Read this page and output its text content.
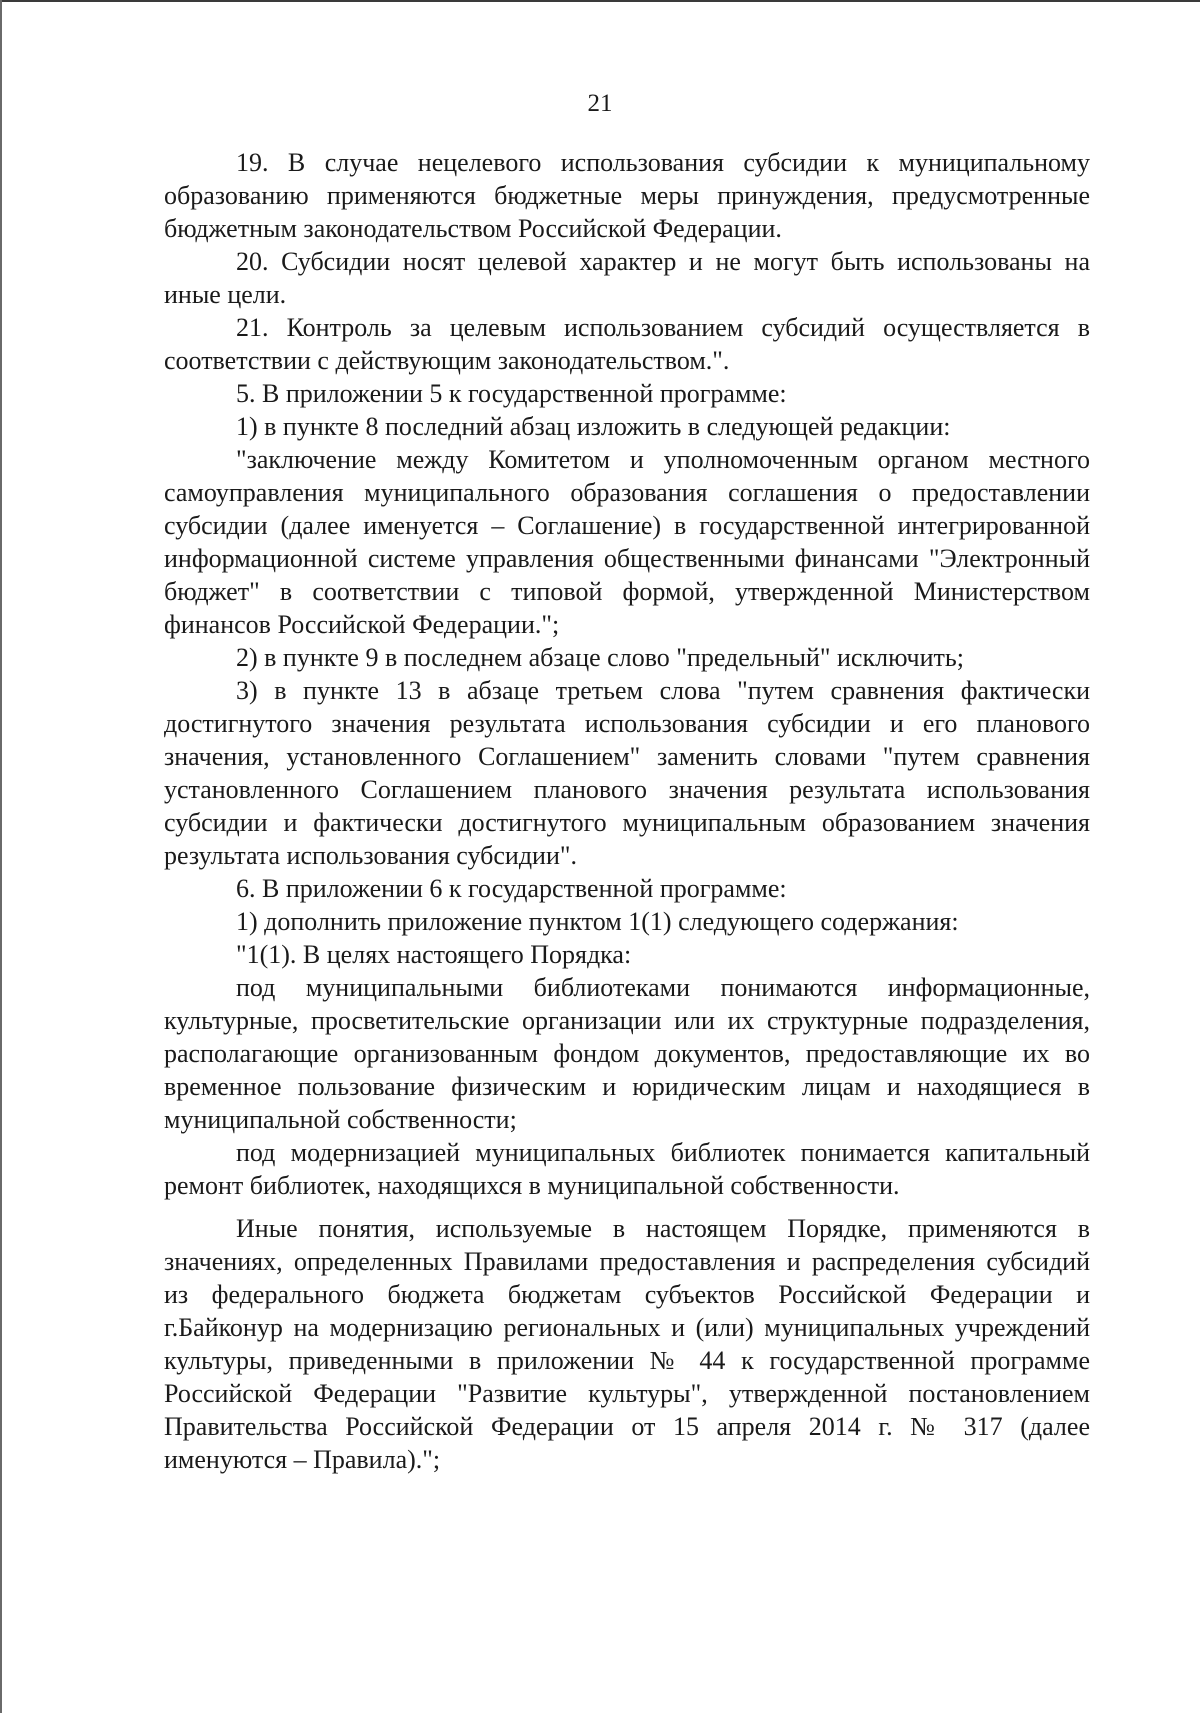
21

19. В случае нецелевого использования субсидии к муниципальному образованию применяются бюджетные меры принуждения, предусмотренные бюджетным законодательством Российской Федерации.

20. Субсидии носят целевой характер и не могут быть использованы на иные цели.

21. Контроль за целевым использованием субсидий осуществляется в соответствии с действующим законодательством.".

5. В приложении 5 к государственной программе:

1) в пункте 8 последний абзац изложить в следующей редакции:

"заключение между Комитетом и уполномоченным органом местного самоуправления муниципального образования соглашения о предоставлении субсидии (далее именуется – Соглашение) в государственной интегрированной информационной системе управления общественными финансами "Электронный бюджет" в соответствии с типовой формой, утвержденной Министерством финансов Российской Федерации.";

2) в пункте 9 в последнем абзаце слово "предельный" исключить;

3) в пункте 13 в абзаце третьем слова "путем сравнения фактически достигнутого значения результата использования субсидии и его планового значения, установленного Соглашением" заменить словами "путем сравнения установленного Соглашением планового значения результата использования субсидии и фактически достигнутого муниципальным образованием значения результата использования субсидии".

6. В приложении 6 к государственной программе:

1) дополнить приложение пунктом 1(1) следующего содержания:

"1(1). В целях настоящего Порядка:

под муниципальными библиотеками понимаются информационные, культурные, просветительские организации или их структурные подразделения, располагающие организованным фондом документов, предоставляющие их во временное пользование физическим и юридическим лицам и находящиеся в муниципальной собственности;

под модернизацией муниципальных библиотек понимается капитальный ремонт библиотек, находящихся в муниципальной собственности.

Иные понятия, используемые в настоящем Порядке, применяются в значениях, определенных Правилами предоставления и распределения субсидий из федерального бюджета бюджетам субъектов Российской Федерации и г.Байконур на модернизацию региональных и (или) муниципальных учреждений культуры, приведенными в приложении № 44 к государственной программе Российской Федерации "Развитие культуры", утвержденной постановлением Правительства Российской Федерации от 15 апреля 2014 г. № 317 (далее именуются – Правила).";
